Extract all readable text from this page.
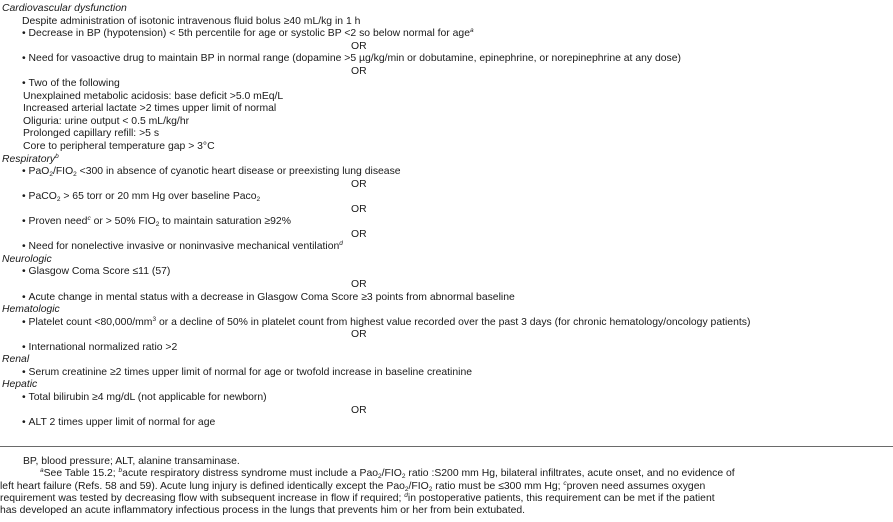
Cardiovascular dysfunction
Despite administration of isotonic intravenous fluid bolus ≥40 mL/kg in 1 h
• Decrease in BP (hypotension) < 5th percentile for age or systolic BP <2 so below normal for age$^a$
OR
• Need for vasoactive drug to maintain BP in normal range (dopamine >5 µg/kg/min or dobutamine, epinephrine, or norepinephrine at any dose)
OR
• Two of the following
Unexplained metabolic acidosis: base deficit >5.0 mEq/L
Increased arterial lactate >2 times upper limit of normal
Oliguria: urine output < 0.5 mL/kg/hr
Prolonged capillary refill: >5 s
Core to peripheral temperature gap > 3°C
Respiratory$^b$
• $PaO_2/FIO_2 <300$ in absence of cyanotic heart disease or preexisting lung disease
OR
• PaCO$_2$ > 65 torr or 20 mm Hg over baseline Paco$_2$
OR
• Proven need$^c$ or > 50% $FIO_2$ to maintain saturation ≥92%
OR
• Need for nonelective invasive or noninvasive mechanical ventilation$^d$
Neurologic
• Glasgow Coma Score ≤11 (57)
OR
• Acute change in mental status with a decrease in Glasgow Coma Score ≥3 points from abnormal baseline
Hematologic
• Platelet count $<80,000/mm^3$ or a decline of 50% in platelet count from highest value recorded over the past 3 days (for chronic hematology/oncology patients)
OR
• International normalized ratio >2
Renal
• Serum creatinine ≥2 times upper limit of normal for age or twofold increase in baseline creatinine
Hepatic
• Total bilirubin ≥4 mg/dL (not applicable for newborn)
OR
• ALT 2 times upper limit of normal for age
BP, blood pressure; ALT, alanine transaminase.
$^a$See Table 15.2; $^b$acute respiratory distress syndrome must include a $Pao_2/FIO_2$ ratio :S200 mm Hg, bilateral infiltrates, acute onset, and no evidence of
left heart failure (Refs. 58 and 59). Acute lung injury is defined identically except the $Pao_2/FIO_2$ ratio must be ≤300 mm Hg; $^c$proven need assumes oxygen
requirement was tested by decreasing flow with subsequent increase in flow if required; $^d$in postoperative patients, this requirement can be met if the patient
has developed an acute inflammatory infectious process in the lungs that prevents him or her from bein extubated.
